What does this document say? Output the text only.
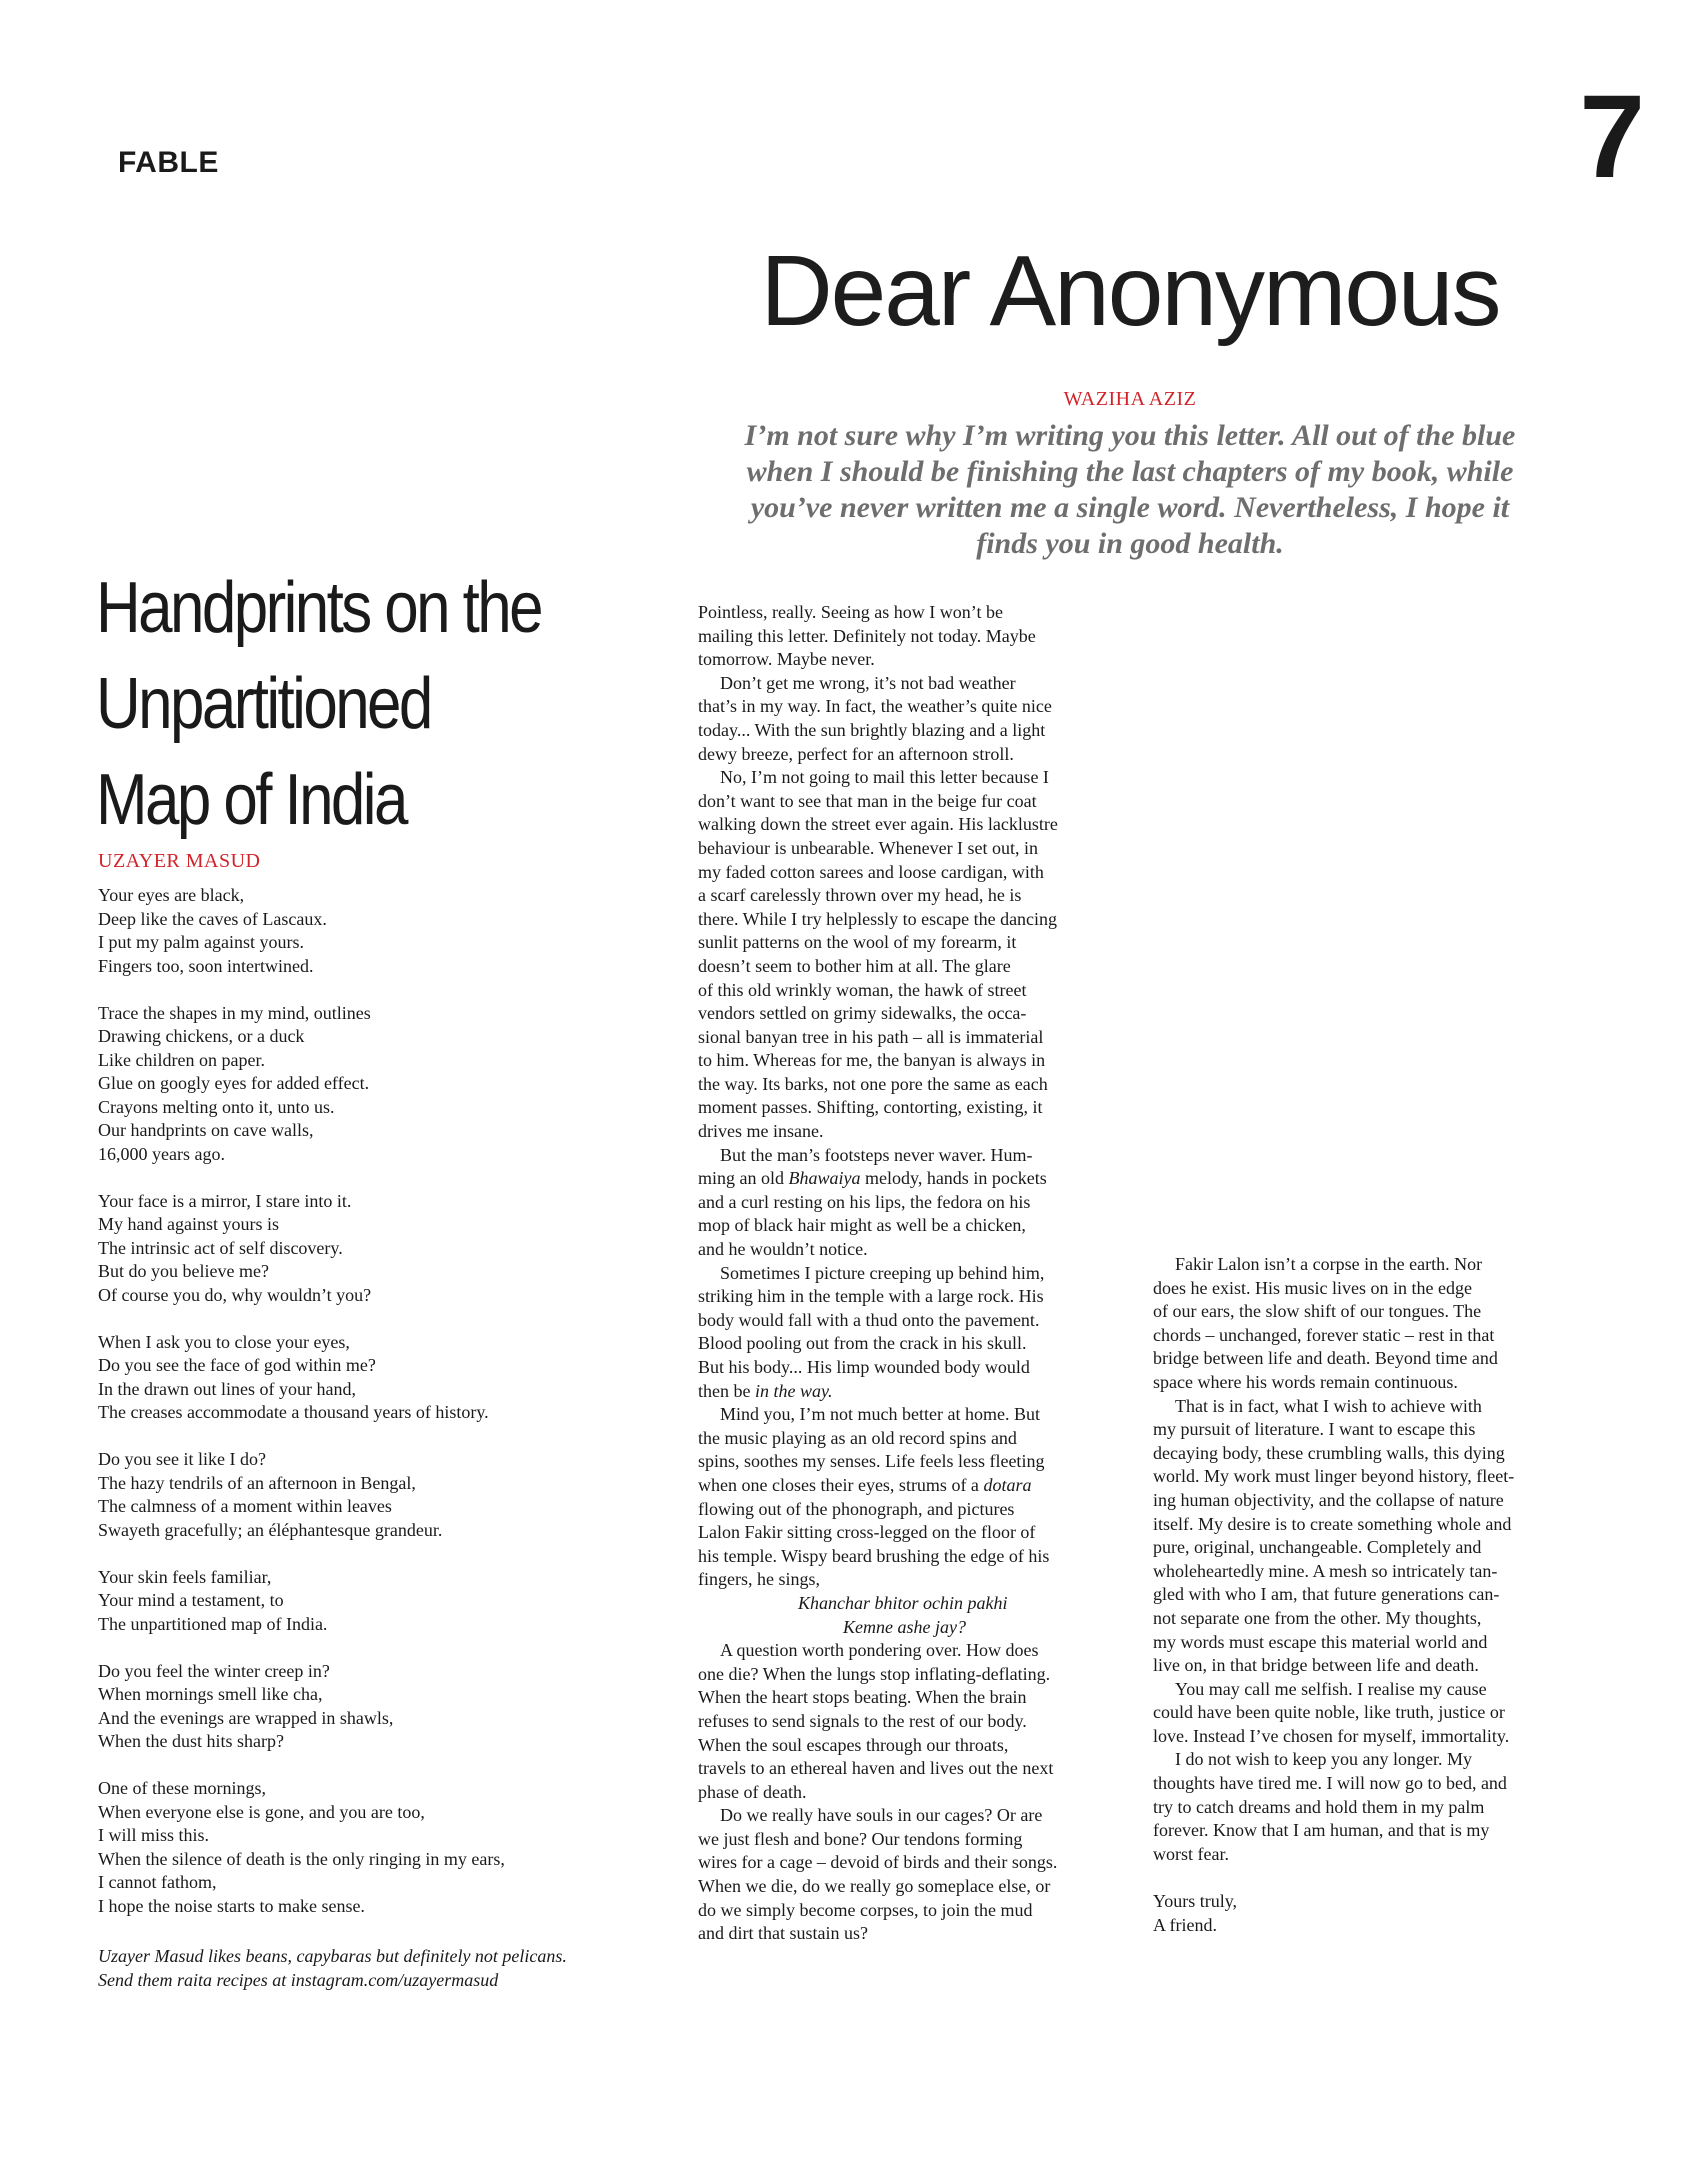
FABLE	7
Dear Anonymous
WAZIHA AZIZ
I’m not sure why I’m writing you this letter. All out of the blue
when I should be finishing the last chapters of my book, while
you’ve never written me a single word. Nevertheless, I hope it
finds you in good health.
Handprints on the
Unpartitioned
Map of India
UZAYER MASUD
Your eyes are black,
Deep like the caves of Lascaux.
I put my palm against yours.
Fingers too, soon intertwined.
Trace the shapes in my mind, outlines
Drawing chickens, or a duck
Like children on paper.
Glue on googly eyes for added effect.
Crayons melting onto it, unto us.
Our handprints on cave walls,
16,000 years ago.
Your face is a mirror, I stare into it.
My hand against yours is
The intrinsic act of self discovery.
But do you believe me?
Of course you do, why wouldn’t you?
When I ask you to close your eyes,
Do you see the face of god within me?
In the drawn out lines of your hand,
The creases accommodate a thousand years of history.
Do you see it like I do?
The hazy tendrils of an afternoon in Bengal,
The calmness of a moment within leaves
Swayeth gracefully; an éléphantesque grandeur.
Your skin feels familiar,
Your mind a testament, to
The unpartitioned map of India.
Do you feel the winter creep in?
When mornings smell like cha,
And the evenings are wrapped in shawls,
When the dust hits sharp?
One of these mornings,
When everyone else is gone, and you are too,
I will miss this.
When the silence of death is the only ringing in my ears,
I cannot fathom,
I hope the noise starts to make sense.
Uzayer Masud likes beans, capybaras but definitely not pelicans.
Send them raita recipes at instagram.com/uzayermasud
Pointless, really. Seeing as how I won’t be
mailing this letter. Definitely not today. Maybe
tomorrow. Maybe never.
Don’t get me wrong, it’s not bad weather
that’s in my way. In fact, the weather’s quite nice
today... With the sun brightly blazing and a light
dewy breeze, perfect for an afternoon stroll.
No, I’m not going to mail this letter because I
don’t want to see that man in the beige fur coat
walking down the street ever again. His lacklustre
behaviour is unbearable. Whenever I set out, in
my faded cotton sarees and loose cardigan, with
a scarf carelessly thrown over my head, he is
there. While I try helplessly to escape the dancing
sunlit patterns on the wool of my forearm, it
doesn’t seem to bother him at all. The glare
of this old wrinkly woman, the hawk of street
vendors settled on grimy sidewalks, the occa-
sional banyan tree in his path – all is immaterial
to him. Whereas for me, the banyan is always in
the way. Its barks, not one pore the same as each
moment passes. Shifting, contorting, existing, it
drives me insane.
But the man’s footsteps never waver. Hum-
ming an old Bhawaiya melody, hands in pockets
and a curl resting on his lips, the fedora on his
mop of black hair might as well be a chicken,
and he wouldn’t notice.
Sometimes I picture creeping up behind him,
striking him in the temple with a large rock. His
body would fall with a thud onto the pavement.
Blood pooling out from the crack in his skull.
But his body... His limp wounded body would
then be in the way.
Mind you, I’m not much better at home. But
the music playing as an old record spins and
spins, soothes my senses. Life feels less fleeting
when one closes their eyes, strums of a dotara
flowing out of the phonograph, and pictures
Lalon Fakir sitting cross-legged on the floor of
his temple. Wispy beard brushing the edge of his
fingers, he sings,
Khanchar bhitor ochin pakhi
Kemne ashe jay?
A question worth pondering over. How does
one die? When the lungs stop inflating-deflating.
When the heart stops beating. When the brain
refuses to send signals to the rest of our body.
When the soul escapes through our throats,
travels to an ethereal haven and lives out the next
phase of death.
Do we really have souls in our cages? Or are
we just flesh and bone? Our tendons forming
wires for a cage – devoid of birds and their songs.
When we die, do we really go someplace else, or
do we simply become corpses, to join the mud
and dirt that sustain us?
Fakir Lalon isn’t a corpse in the earth. Nor
does he exist. His music lives on in the edge
of our ears, the slow shift of our tongues. The
chords – unchanged, forever static – rest in that
bridge between life and death. Beyond time and
space where his words remain continuous.
That is in fact, what I wish to achieve with
my pursuit of literature. I want to escape this
decaying body, these crumbling walls, this dying
world. My work must linger beyond history, fleet-
ing human objectivity, and the collapse of nature
itself. My desire is to create something whole and
pure, original, unchangeable. Completely and
wholeheartedly mine. A mesh so intricately tan-
gled with who I am, that future generations can-
not separate one from the other. My thoughts,
my words must escape this material world and
live on, in that bridge between life and death.
You may call me selfish. I realise my cause
could have been quite noble, like truth, justice or
love. Instead I’ve chosen for myself, immortality.
I do not wish to keep you any longer. My
thoughts have tired me. I will now go to bed, and
try to catch dreams and hold them in my palm
forever. Know that I am human, and that is my
worst fear.
Yours truly,
A friend.
